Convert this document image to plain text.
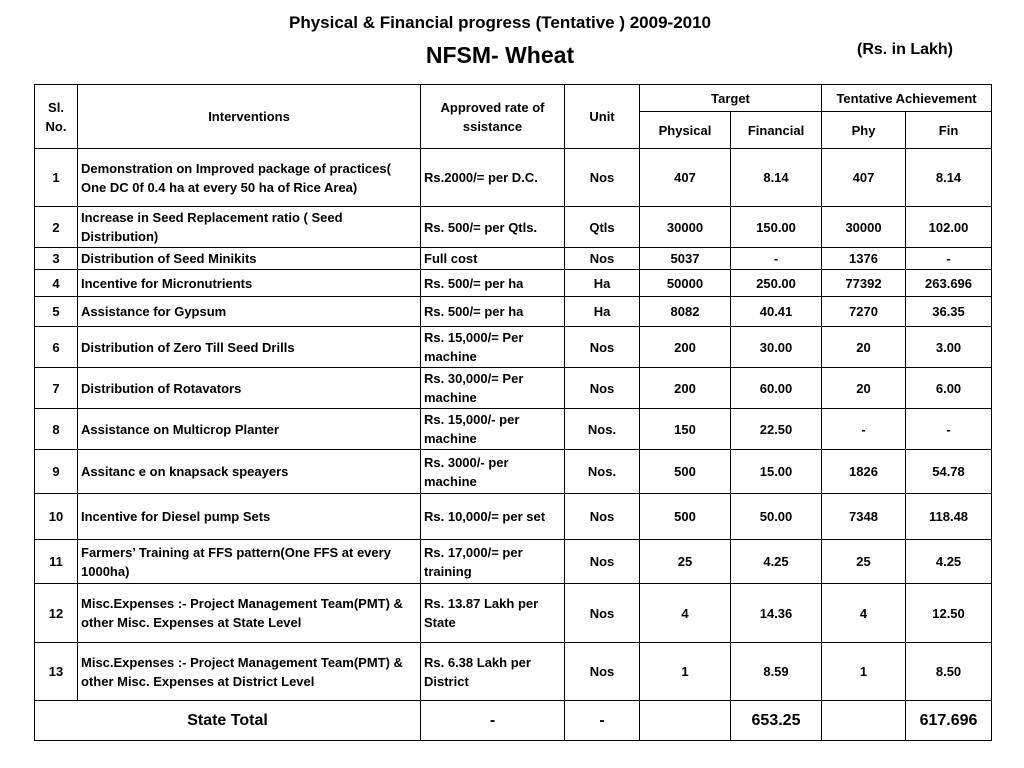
Physical & Financial progress (Tentative ) 2009-2010
NFSM- Wheat	(Rs. in Lakh)
Sl. No.	Interventions	Approved rate of ssistance	Unit	Target		Tentative Achievement	
				Physical	Financial	Phy	Fin
1	Demonstration on Improved package of practices( One DC 0f 0.4 ha at every 50 ha of Rice Area)	Rs.2000/= per D.C.	Nos	407	8.14	407	8.14
2	Increase in Seed Replacement ratio ( Seed Distribution)	Rs. 500/= per Qtls.	Qtls	30000	150.00	30000	102.00
3	Distribution of Seed Minikits	Full cost	Nos	5037	-	1376	-
4	Incentive for Micronutrients	Rs. 500/= per ha	Ha	50000	250.00	77392	263.696
5	Assistance for Gypsum	Rs. 500/= per ha	Ha	8082	40.41	7270	36.35
6	Distribution of Zero Till Seed Drills	Rs. 15,000/= Per machine	Nos	200	30.00	20	3.00
7	Distribution of Rotavators	Rs. 30,000/= Per machine	Nos	200	60.00	20	6.00
8	Assistance on Multicrop Planter	Rs. 15,000/- per machine	Nos.	150	22.50	-	-
9	Assitanc e on knapsack speayers	Rs. 3000/- per machine	Nos.	500	15.00	1826	54.78
10	Incentive for Diesel pump Sets	Rs. 10,000/= per set	Nos	500	50.00	7348	118.48
11	Farmers’ Training at FFS pattern(One FFS at every 1000ha)	Rs. 17,000/= per training	Nos	25	4.25	25	4.25
12	Misc.Expenses :- Project Management Team(PMT) & other Misc. Expenses at State Level	Rs. 13.87 Lakh per State	Nos	4	14.36	4	12.50
13	Misc.Expenses :- Project Management Team(PMT) & other Misc. Expenses at District Level	Rs. 6.38 Lakh per District	Nos	1	8.59	1	8.50
State Total		-	-		653.25		617.696
